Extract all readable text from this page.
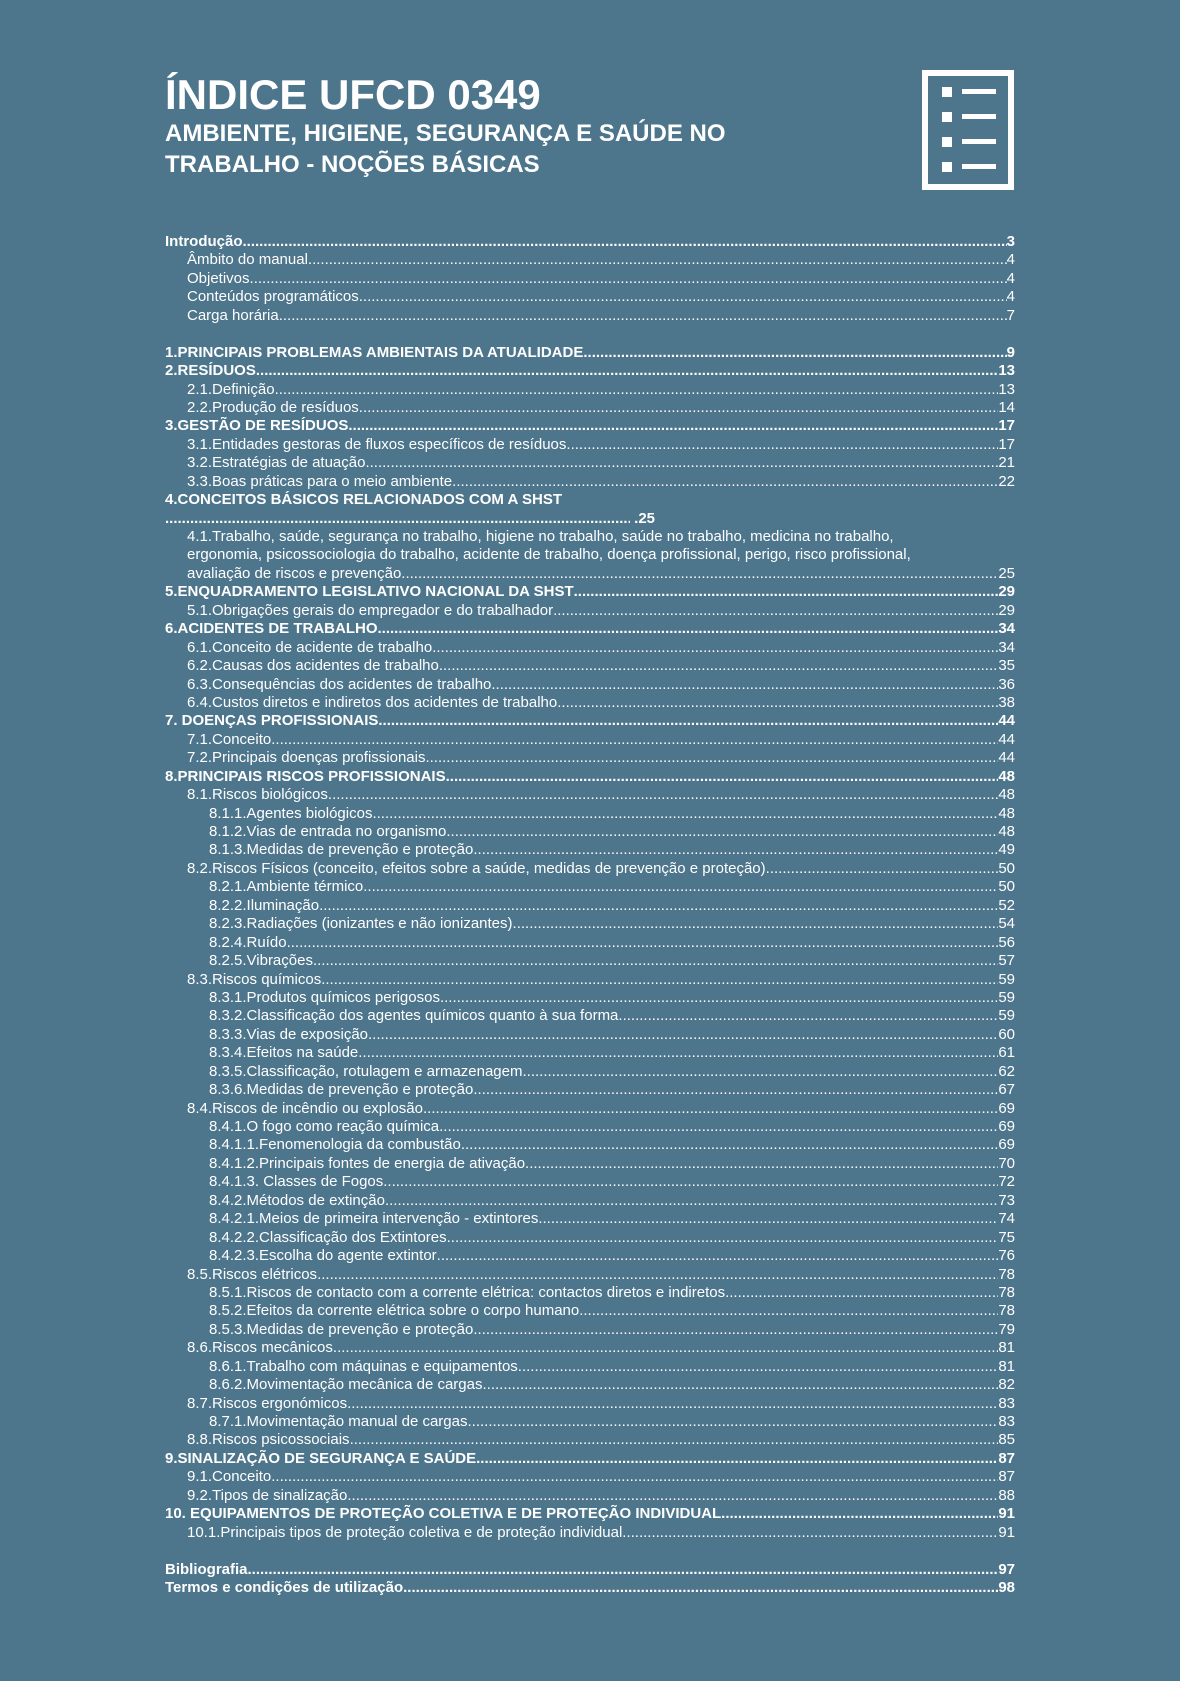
ÍNDICE UFCD 0349
AMBIENTE, HIGIENE, SEGURANÇA E SAÚDE NO TRABALHO - NOÇÕES BÁSICAS
Introdução .....	3
Âmbito do manual .....	4
Objetivos .....	4
Conteúdos programáticos .....	4
Carga horária .....	7
1.PRINCIPAIS PROBLEMAS AMBIENTAIS DA ATUALIDADE .....	9
2.RESÍDUOS .....	13
2.1.Definição .....	13
2.2.Produção de resíduos .....	14
3.GESTÃO DE RESÍDUOS .....	17
3.1.Entidades gestoras de fluxos específicos de resíduos .....	17
3.2.Estratégias de atuação .....	21
3.3.Boas práticas para o meio ambiente .....	22
4.CONCEITOS BÁSICOS RELACIONADOS COM A SHST
..... .25
4.1.Trabalho, saúde, segurança no trabalho, higiene no trabalho, saúde no trabalho, medicina no trabalho,
ergonomia, psicossociologia do trabalho, acidente de trabalho, doença profissional, perigo, risco profissional,
avaliação de riscos e prevenção .....	25
5.ENQUADRAMENTO LEGISLATIVO NACIONAL DA SHST .....	29
5.1.Obrigações gerais do empregador e do trabalhador .....	29
6.ACIDENTES DE TRABALHO .....	34
6.1.Conceito de acidente de trabalho .....	34
6.2.Causas dos acidentes de trabalho .....	35
6.3.Consequências dos acidentes de trabalho .....	36
6.4.Custos diretos e indiretos dos acidentes de trabalho .....	38
7. DOENÇAS PROFISSIONAIS .....	44
7.1.Conceito .....	44
7.2.Principais doenças profissionais .....	44
8.PRINCIPAIS RISCOS PROFISSIONAIS .....	48
8.1.Riscos biológicos .....	48
8.1.1.Agentes biológicos .....	48
8.1.2.Vias de entrada no organismo .....	48
8.1.3.Medidas de prevenção e proteção .....	49
8.2.Riscos Físicos (conceito, efeitos sobre a saúde, medidas de prevenção e proteção) .....	50
8.2.1.Ambiente térmico .....	50
8.2.2.Iluminação .....	52
8.2.3.Radiações (ionizantes e não ionizantes) .....	54
8.2.4.Ruído .....	56
8.2.5.Vibrações .....	57
8.3.Riscos químicos .....	59
8.3.1.Produtos químicos perigosos .....	59
8.3.2.Classificação dos agentes químicos quanto à sua forma .....	59
8.3.3.Vias de exposição .....	60
8.3.4.Efeitos na saúde .....	61
8.3.5.Classificação, rotulagem e armazenagem .....	62
8.3.6.Medidas de prevenção e proteção .....	67
8.4.Riscos de incêndio ou explosão .....	69
8.4.1.O fogo como reação química .....	69
8.4.1.1.Fenomenologia da combustão .....	69
8.4.1.2.Principais fontes de energia de ativação .....	70
8.4.1.3. Classes de Fogos .....	72
8.4.2.Métodos de extinção .....	73
8.4.2.1.Meios de primeira intervenção - extintores .....	74
8.4.2.2.Classificação dos Extintores .....	75
8.4.2.3.Escolha do agente extintor .....	76
8.5.Riscos elétricos .....	78
8.5.1.Riscos de contacto com a corrente elétrica: contactos diretos e indiretos .....	78
8.5.2.Efeitos da corrente elétrica sobre o corpo humano .....	78
8.5.3.Medidas de prevenção e proteção .....	79
8.6.Riscos mecânicos .....	81
8.6.1.Trabalho com máquinas e equipamentos .....	81
8.6.2.Movimentação mecânica de cargas .....	82
8.7.Riscos ergonómicos .....	83
8.7.1.Movimentação manual de cargas .....	83
8.8.Riscos psicossociais .....	85
9.SINALIZAÇÃO DE SEGURANÇA E SAÚDE .....	87
9.1.Conceito .....	87
9.2.Tipos de sinalização .....	88
10. EQUIPAMENTOS DE PROTEÇÃO COLETIVA E DE PROTEÇÃO INDIVIDUAL .....	91
10.1.Principais tipos de proteção coletiva e de proteção individual .....	91
Bibliografia .....	97
Termos e condições de utilização .....	98
